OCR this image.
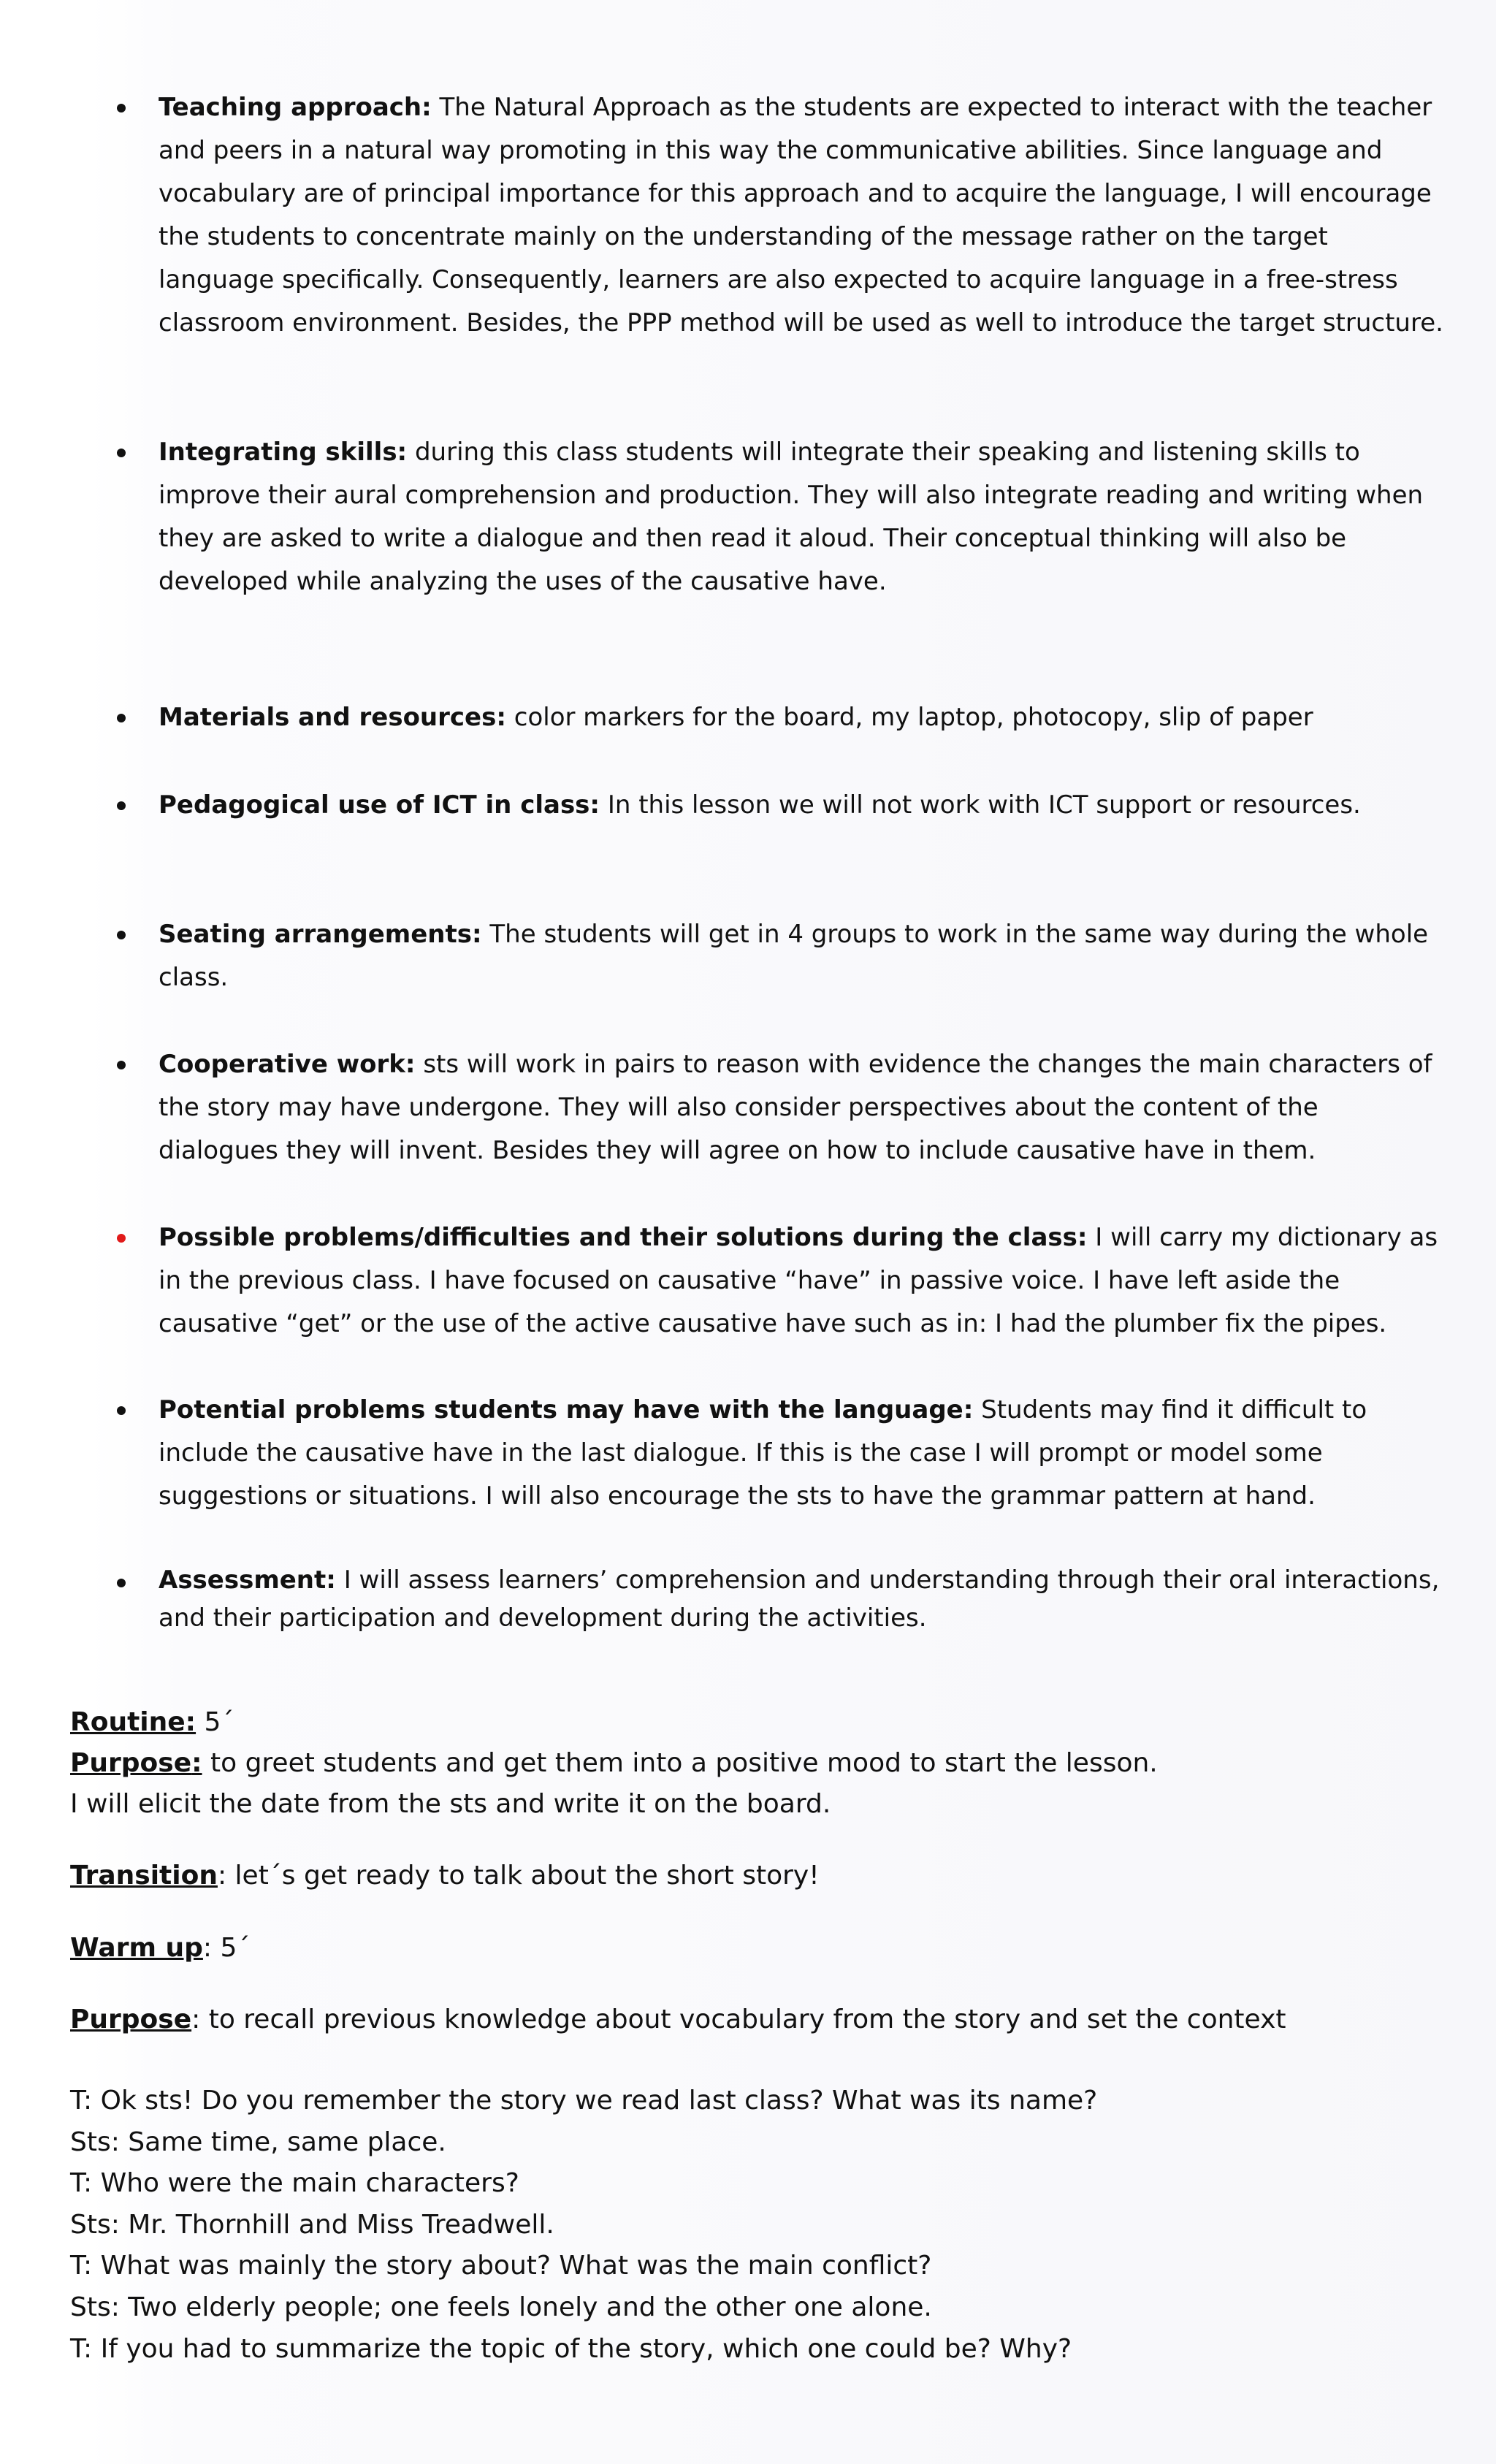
Teaching approach: The Natural Approach as the students are expected to interact with the teacher and peers in a natural way promoting in this way the communicative abilities. Since language and vocabulary are of principal importance for this approach and to acquire the language, I will encourage the students to concentrate mainly on the understanding of the message rather on the target language specifically. Consequently, learners are also expected to acquire language in a free-stress classroom environment. Besides, the PPP method will be used as well to introduce the target structure.
Integrating skills: during this class students will integrate their speaking and listening skills to improve their aural comprehension and production. They will also integrate reading and writing when they are asked to write a dialogue and then read it aloud. Their conceptual thinking will also be developed while analyzing the uses of the causative have.
Materials and resources: color markers for the board, my laptop, photocopy, slip of paper
Pedagogical use of ICT in class: In this lesson we will not work with ICT support or resources.
Seating arrangements: The students will get in 4 groups to work in the same way during the whole class.
Cooperative work: sts will work in pairs to reason with evidence the changes the main characters of the story may have undergone. They will also consider perspectives about the content of the dialogues they will invent. Besides they will agree on how to include causative have in them.
Possible problems/difficulties and their solutions during the class: I will carry my dictionary as in the previous class. I have focused on causative “have” in passive voice. I have left aside the causative “get” or the use of the active causative have such as in: I had the plumber fix the pipes.
Potential problems students may have with the language: Students may find it difficult to include the causative have in the last dialogue. If this is the case I will prompt or model some suggestions or situations. I will also encourage the sts to have the grammar pattern at hand.
Assessment: I will assess learners’ comprehension and understanding through their oral interactions, and their participation and development during the activities.
Routine: 5´
Purpose: to greet students and get them into a positive mood to start the lesson.
I will elicit the date from the sts and write it on the board.
Transition: let´s get ready to talk about the short story!
Warm up: 5´
Purpose: to recall previous knowledge about vocabulary from the story and set the context
T: Ok sts! Do you remember the story we read last class? What was its name?
Sts: Same time, same place.
T: Who were the main characters?
Sts: Mr. Thornhill and Miss Treadwell.
T: What was mainly the story about? What was the main conflict?
Sts: Two elderly people; one feels lonely and the other one alone.
T: If you had to summarize the topic of the story, which one could be? Why?
